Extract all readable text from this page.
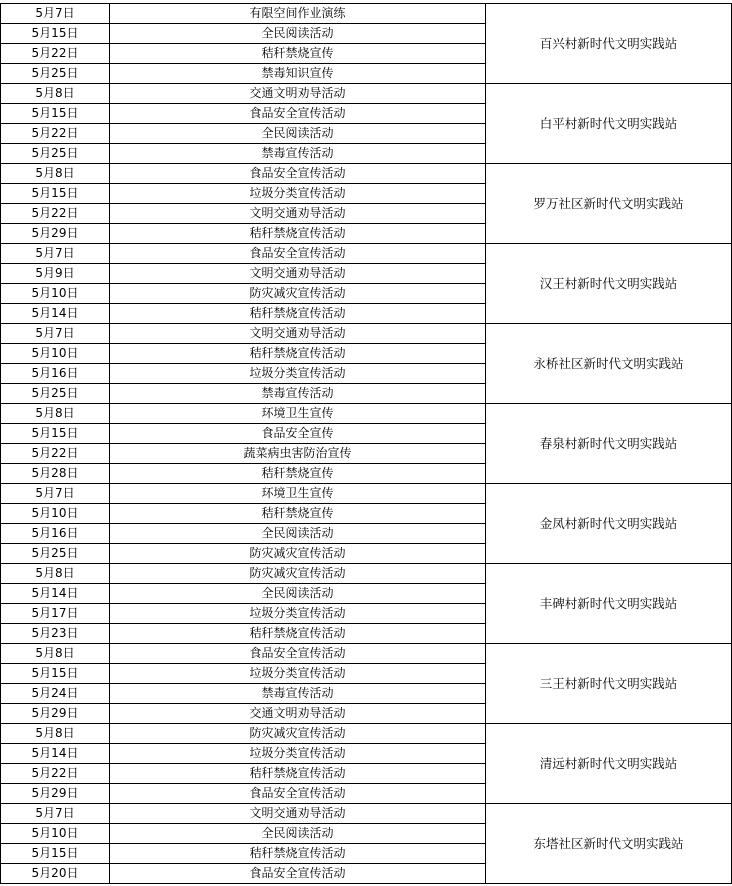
5月7日	有限空间作业演练	百兴村新时代文明实践站
5月15日	全民阅读活动	
5月22日	秸秆禁烧宣传	
5月25日	禁毒知识宣传	
5月8日	交通文明劝导活动	白平村新时代文明实践站
5月15日	食品安全宣传活动	
5月22日	全民阅读活动	
5月25日	禁毒宣传活动	
5月8日	食品安全宣传活动	罗万社区新时代文明实践站
5月15日	垃圾分类宣传活动	
5月22日	文明交通劝导活动	
5月29日	秸秆禁烧宣传活动	
5月7日	食品安全宣传活动	汉王村新时代文明实践站
5月9日	文明交通劝导活动	
5月10日	防灾减灾宣传活动	
5月14日	秸秆禁烧宣传活动	
5月7日	文明交通劝导活动	永桥社区新时代文明实践站
5月10日	秸秆禁烧宣传活动	
5月16日	垃圾分类宣传活动	
5月25日	禁毒宣传活动	
5月8日	环境卫生宣传	春泉村新时代文明实践站
5月15日	食品安全宣传	
5月22日	蔬菜病虫害防治宣传	
5月28日	秸秆禁烧宣传	
5月7日	环境卫生宣传	金凤村新时代文明实践站
5月10日	秸秆禁烧宣传	
5月16日	全民阅读活动	
5月25日	防灾减灾宣传活动	
5月8日	防灾减灾宣传活动	丰碑村新时代文明实践站
5月14日	全民阅读活动	
5月17日	垃圾分类宣传活动	
5月23日	秸秆禁烧宣传活动	
5月8日	食品安全宣传活动	三王村新时代文明实践站
5月15日	垃圾分类宣传活动	
5月24日	禁毒宣传活动	
5月29日	交通文明劝导活动	
5月8日	防灾减灾宣传活动	清远村新时代文明实践站
5月14日	垃圾分类宣传活动	
5月22日	秸秆禁烧宣传活动	
5月29日	食品安全宣传活动	
5月7日	文明交通劝导活动	东塔社区新时代文明实践站
5月10日	全民阅读活动	
5月15日	秸秆禁烧宣传活动	
5月20日	食品安全宣传活动	
